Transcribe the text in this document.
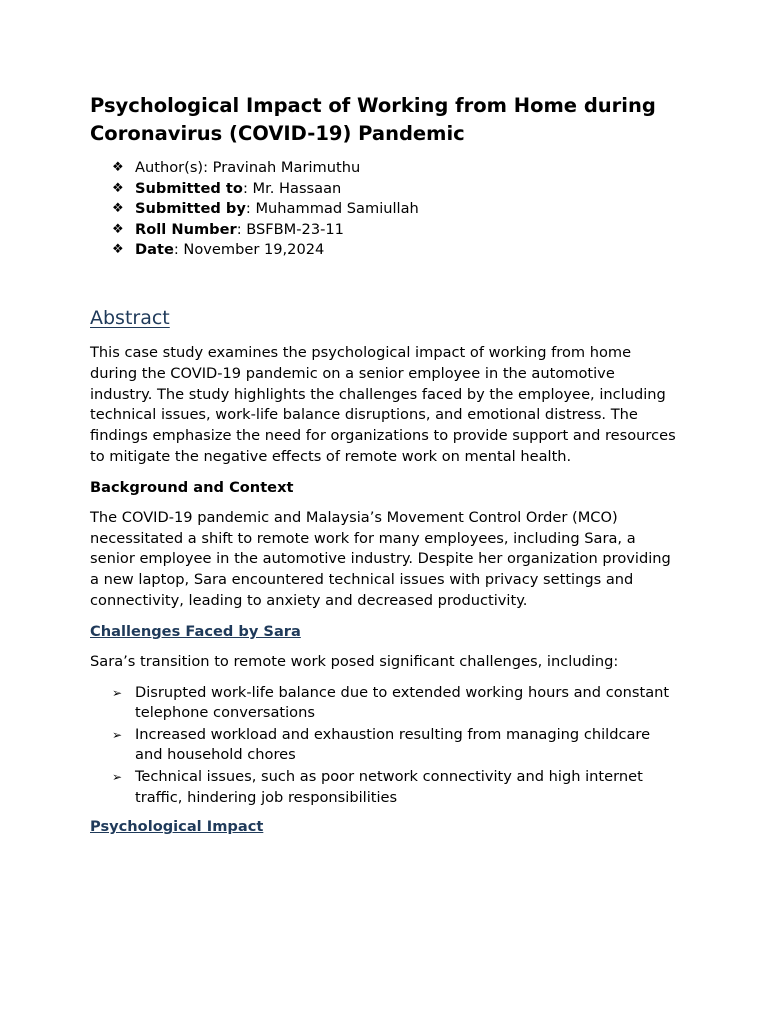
Psychological Impact of Working from Home during Coronavirus (COVID-19) Pandemic
❖ Author(s): Pravinah Marimuthu
❖ Submitted to: Mr. Hassaan
❖ Submitted by: Muhammad Samiullah
❖ Roll Number: BSFBM-23-11
❖ Date: November 19,2024
Abstract

This case study examines the psychological impact of working from home during the COVID-19 pandemic on a senior employee in the automotive industry. The study highlights the challenges faced by the employee, including technical issues, work-life balance disruptions, and emotional distress. The findings emphasize the need for organizations to provide support and resources to mitigate the negative effects of remote work on mental health.

Background and Context

The COVID-19 pandemic and Malaysia’s Movement Control Order (MCO) necessitated a shift to remote work for many employees, including Sara, a senior employee in the automotive industry. Despite her organization providing a new laptop, Sara encountered technical issues with privacy settings and connectivity, leading to anxiety and decreased productivity.

Challenges Faced by Sara

Sara’s transition to remote work posed significant challenges, including:

➢ Disrupted work-life balance due to extended working hours and constant telephone conversations
➢ Increased workload and exhaustion resulting from managing childcare and household chores
➢ Technical issues, such as poor network connectivity and high internet traffic, hindering job responsibilities
Psychological Impact
